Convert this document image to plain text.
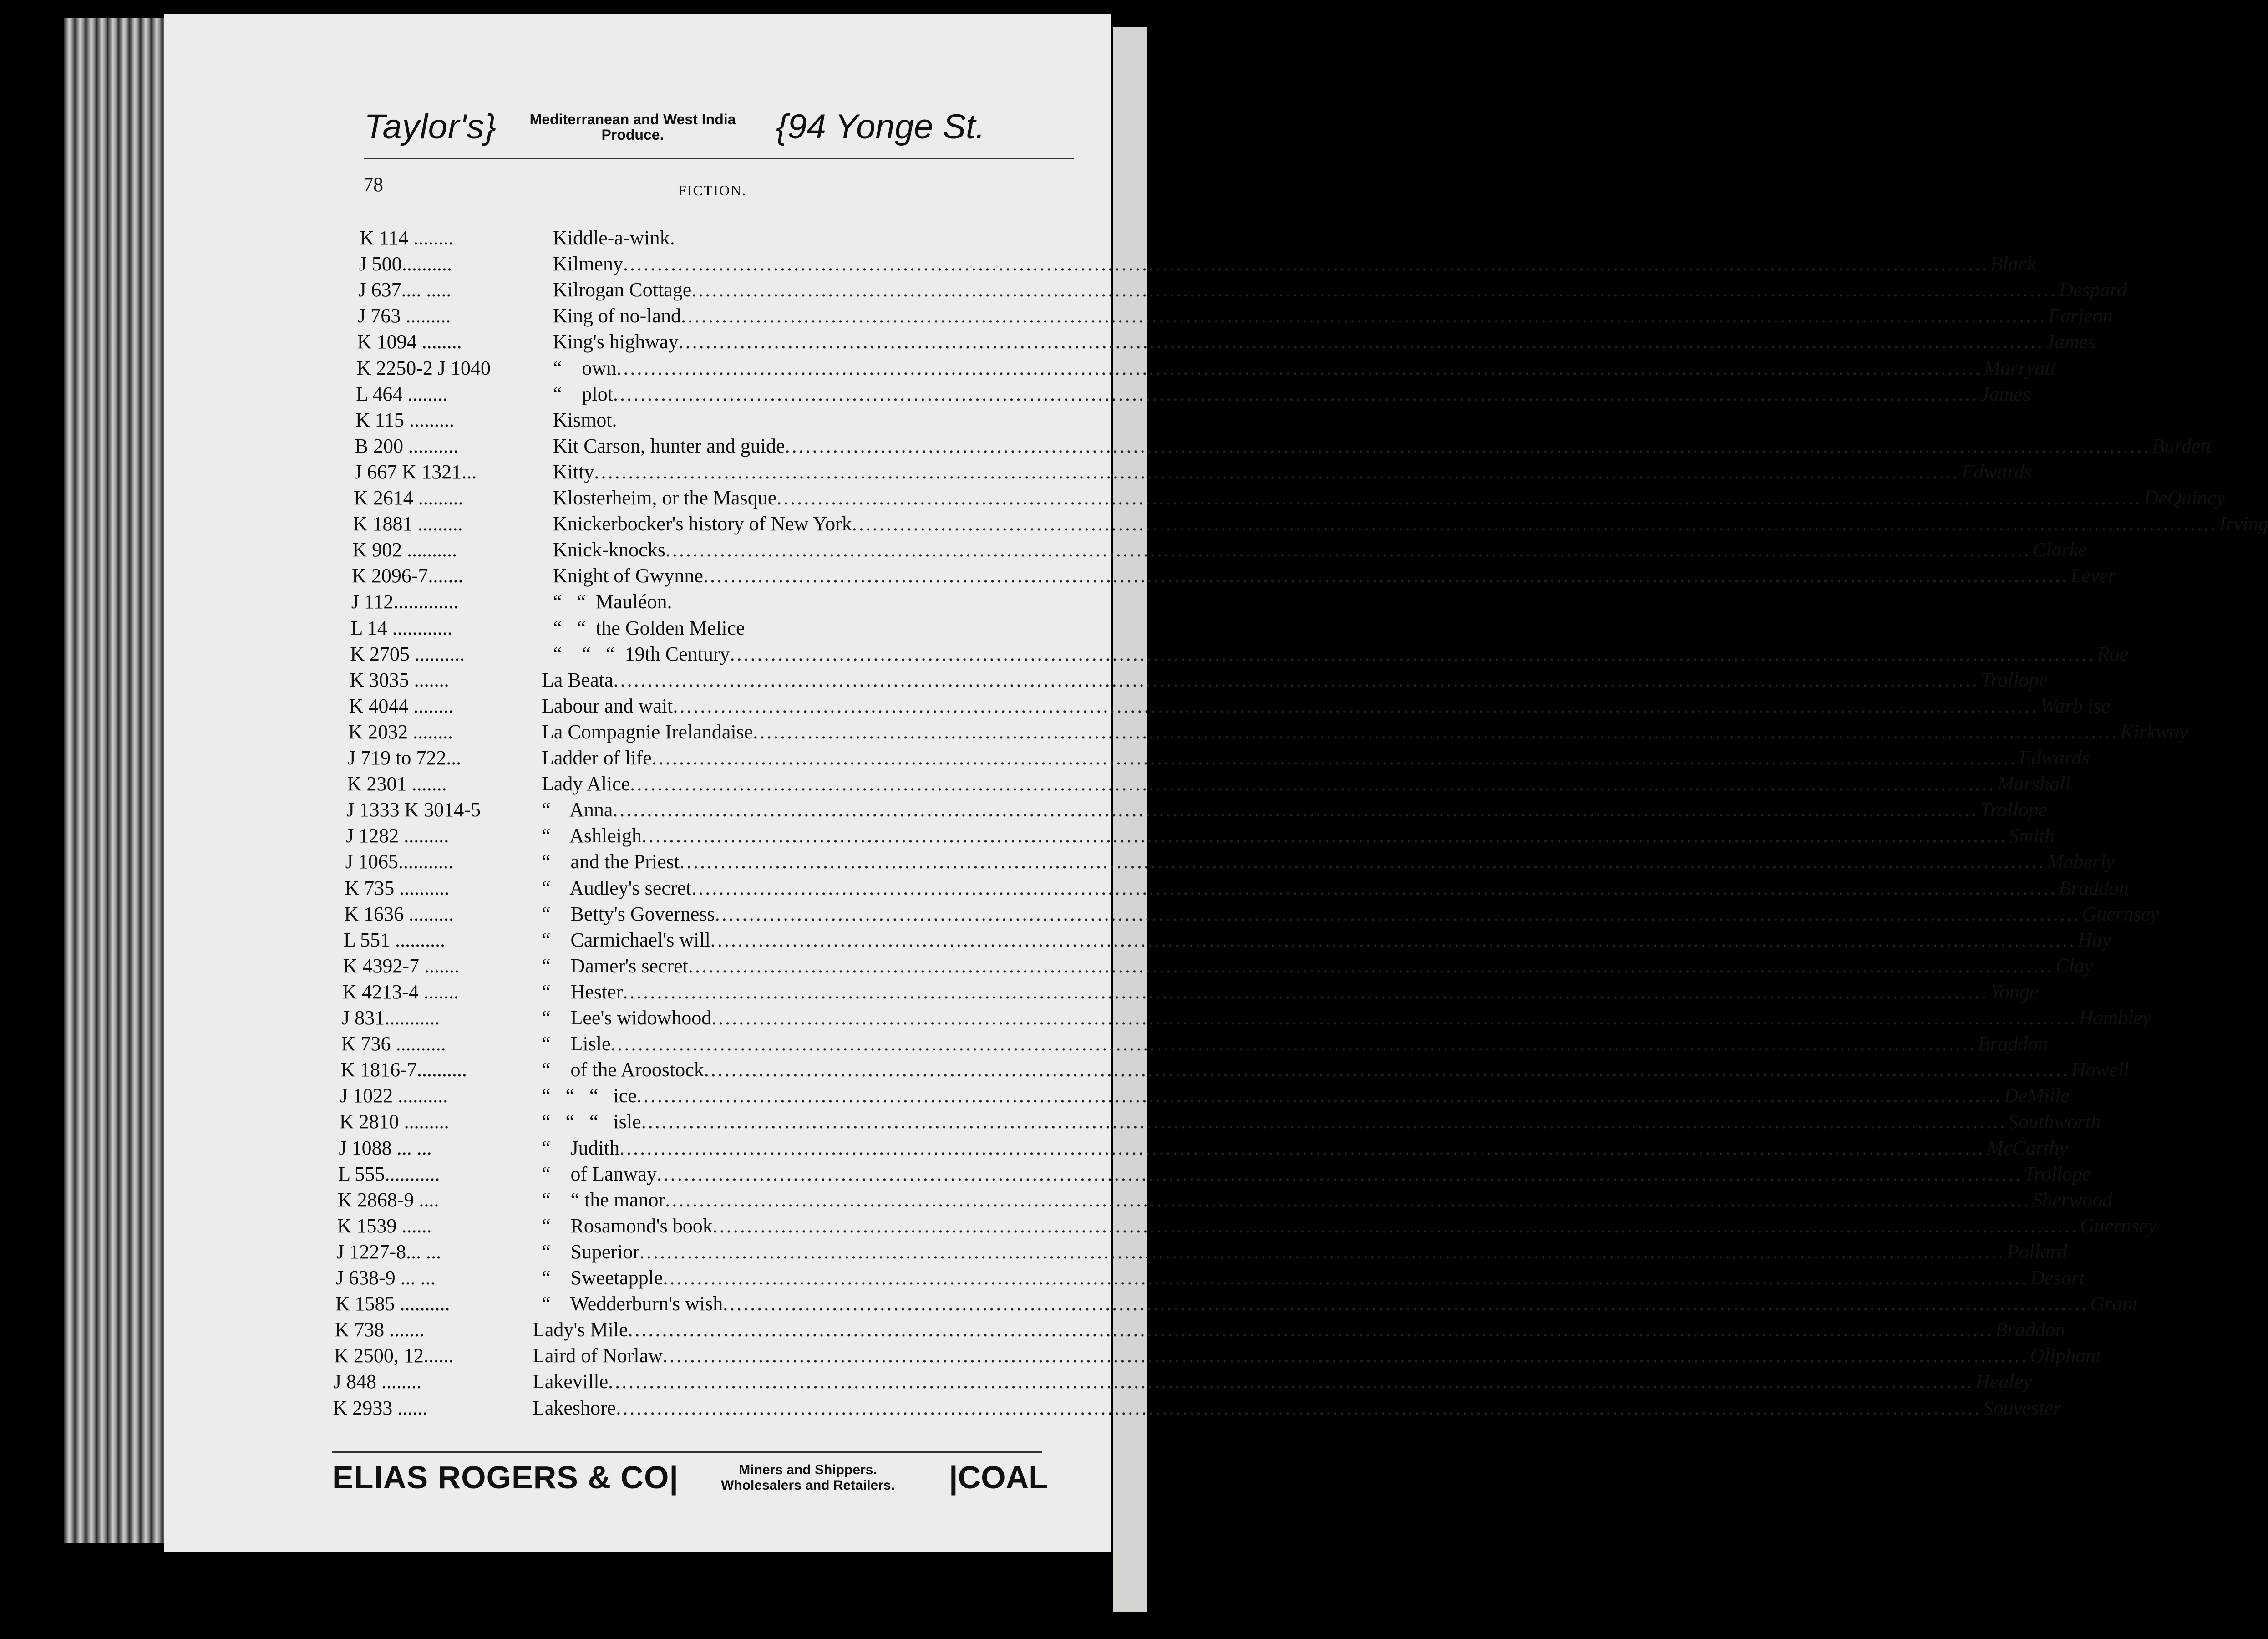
Taylor's}	Mediterranean and West India
Produce.	{94 Yonge St.
78	FICTION.
K 114 ........	Kiddle-a-wink.
J 500..........	Kilmeny ........................................................................................................................................................................................................ Black
J 637.... .....	Kilrogan Cottage ........................................................................................................................................................................................................ Despard
J 763 .........	King of no-land ........................................................................................................................................................................................................ Farjeon
K 1094 ........	King's highway ........................................................................................................................................................................................................ James
K 2250-2 J 1040	“    own ........................................................................................................................................................................................................ Marryatt
L 464 ........	“    plot ........................................................................................................................................................................................................ James
K 115 .........	Kismot.
B 200 ..........	Kit Carson, hunter and guide ........................................................................................................................................................................................................ Burdett
J 667 K 1321...	Kitty ........................................................................................................................................................................................................ Edwards
K 2614 .........	Klosterheim, or the Masque ........................................................................................................................................................................................................ DeQuincy
K 1881 .........	Knickerbocker's history of New York ........................................................................................................................................................................................................ Irving
K 902 ..........	Knick-knocks ........................................................................................................................................................................................................ Clarke
K 2096-7.......	Knight of Gwynne ........................................................................................................................................................................................................ Lever
J 112.............	“   “  Mauléon.
L 14 ............	“   “  the Golden Melice
K 2705 ..........	“    “   “  19th Century ........................................................................................................................................................................................................ Roe
K 3035 .......	La Beata ........................................................................................................................................................................................................ Trollope
K 4044 ........	Labour and wait ........................................................................................................................................................................................................ Warb ise
K 2032 ........	La Compagnie Irelandaise ........................................................................................................................................................................................................ Kirkway
J 719 to 722...	Ladder of life ........................................................................................................................................................................................................ Edwards
K 2301 .......	Lady Alice ........................................................................................................................................................................................................ Marshall
J 1333 K 3014-5	“    Anna ........................................................................................................................................................................................................ Trollope
J 1282 .........	“    Ashleigh ........................................................................................................................................................................................................ Smith
J 1065...........	“    and the Priest ........................................................................................................................................................................................................ Maberly
K 735 ..........	“    Audley's secret ........................................................................................................................................................................................................ Braddon
K 1636 .........	“    Betty's Governess ........................................................................................................................................................................................................ Guernsey
L 551 ..........	“    Carmichael's will ........................................................................................................................................................................................................ Hay
K 4392-7 .......	“    Damer's secret ........................................................................................................................................................................................................ Clay
K 4213-4 .......	“    Hester ........................................................................................................................................................................................................ Yonge
J 831...........	“    Lee's widowhood ........................................................................................................................................................................................................ Hambley
K 736 ..........	“    Lisle ........................................................................................................................................................................................................ Braddon
K 1816-7..........	“    of the Aroostock ........................................................................................................................................................................................................ Howell
J 1022 ..........	“   “   “   ice ........................................................................................................................................................................................................ DeMille
K 2810 .........	“   “   “   isle ........................................................................................................................................................................................................ Southworth
J 1088 ... ...	“    Judith ........................................................................................................................................................................................................ McCarthy
L 555...........	“    of Lanway ........................................................................................................................................................................................................ Trollope
K 2868-9 ....	“    “ the manor ........................................................................................................................................................................................................ Sherwood
K 1539 ......	“    Rosamond's book ........................................................................................................................................................................................................ Guernsey
J 1227-8... ...	“    Superior ........................................................................................................................................................................................................ Pollard
J 638-9 ... ...	“    Sweetapple ........................................................................................................................................................................................................ Desart
K 1585 ..........	“    Wedderburn's wish ........................................................................................................................................................................................................ Grant
K 738 .......	Lady's Mile ........................................................................................................................................................................................................ Braddon
K 2500, 12......	Laird of Norlaw ........................................................................................................................................................................................................ Oliphant
J 848 ........	Lakeville ........................................................................................................................................................................................................ Healey
K 2933 ......	Lakeshore ........................................................................................................................................................................................................ Souvester
ELIAS ROGERS & CO|	Miners and Shippers.
Wholesalers and Retailers.	|COAL
